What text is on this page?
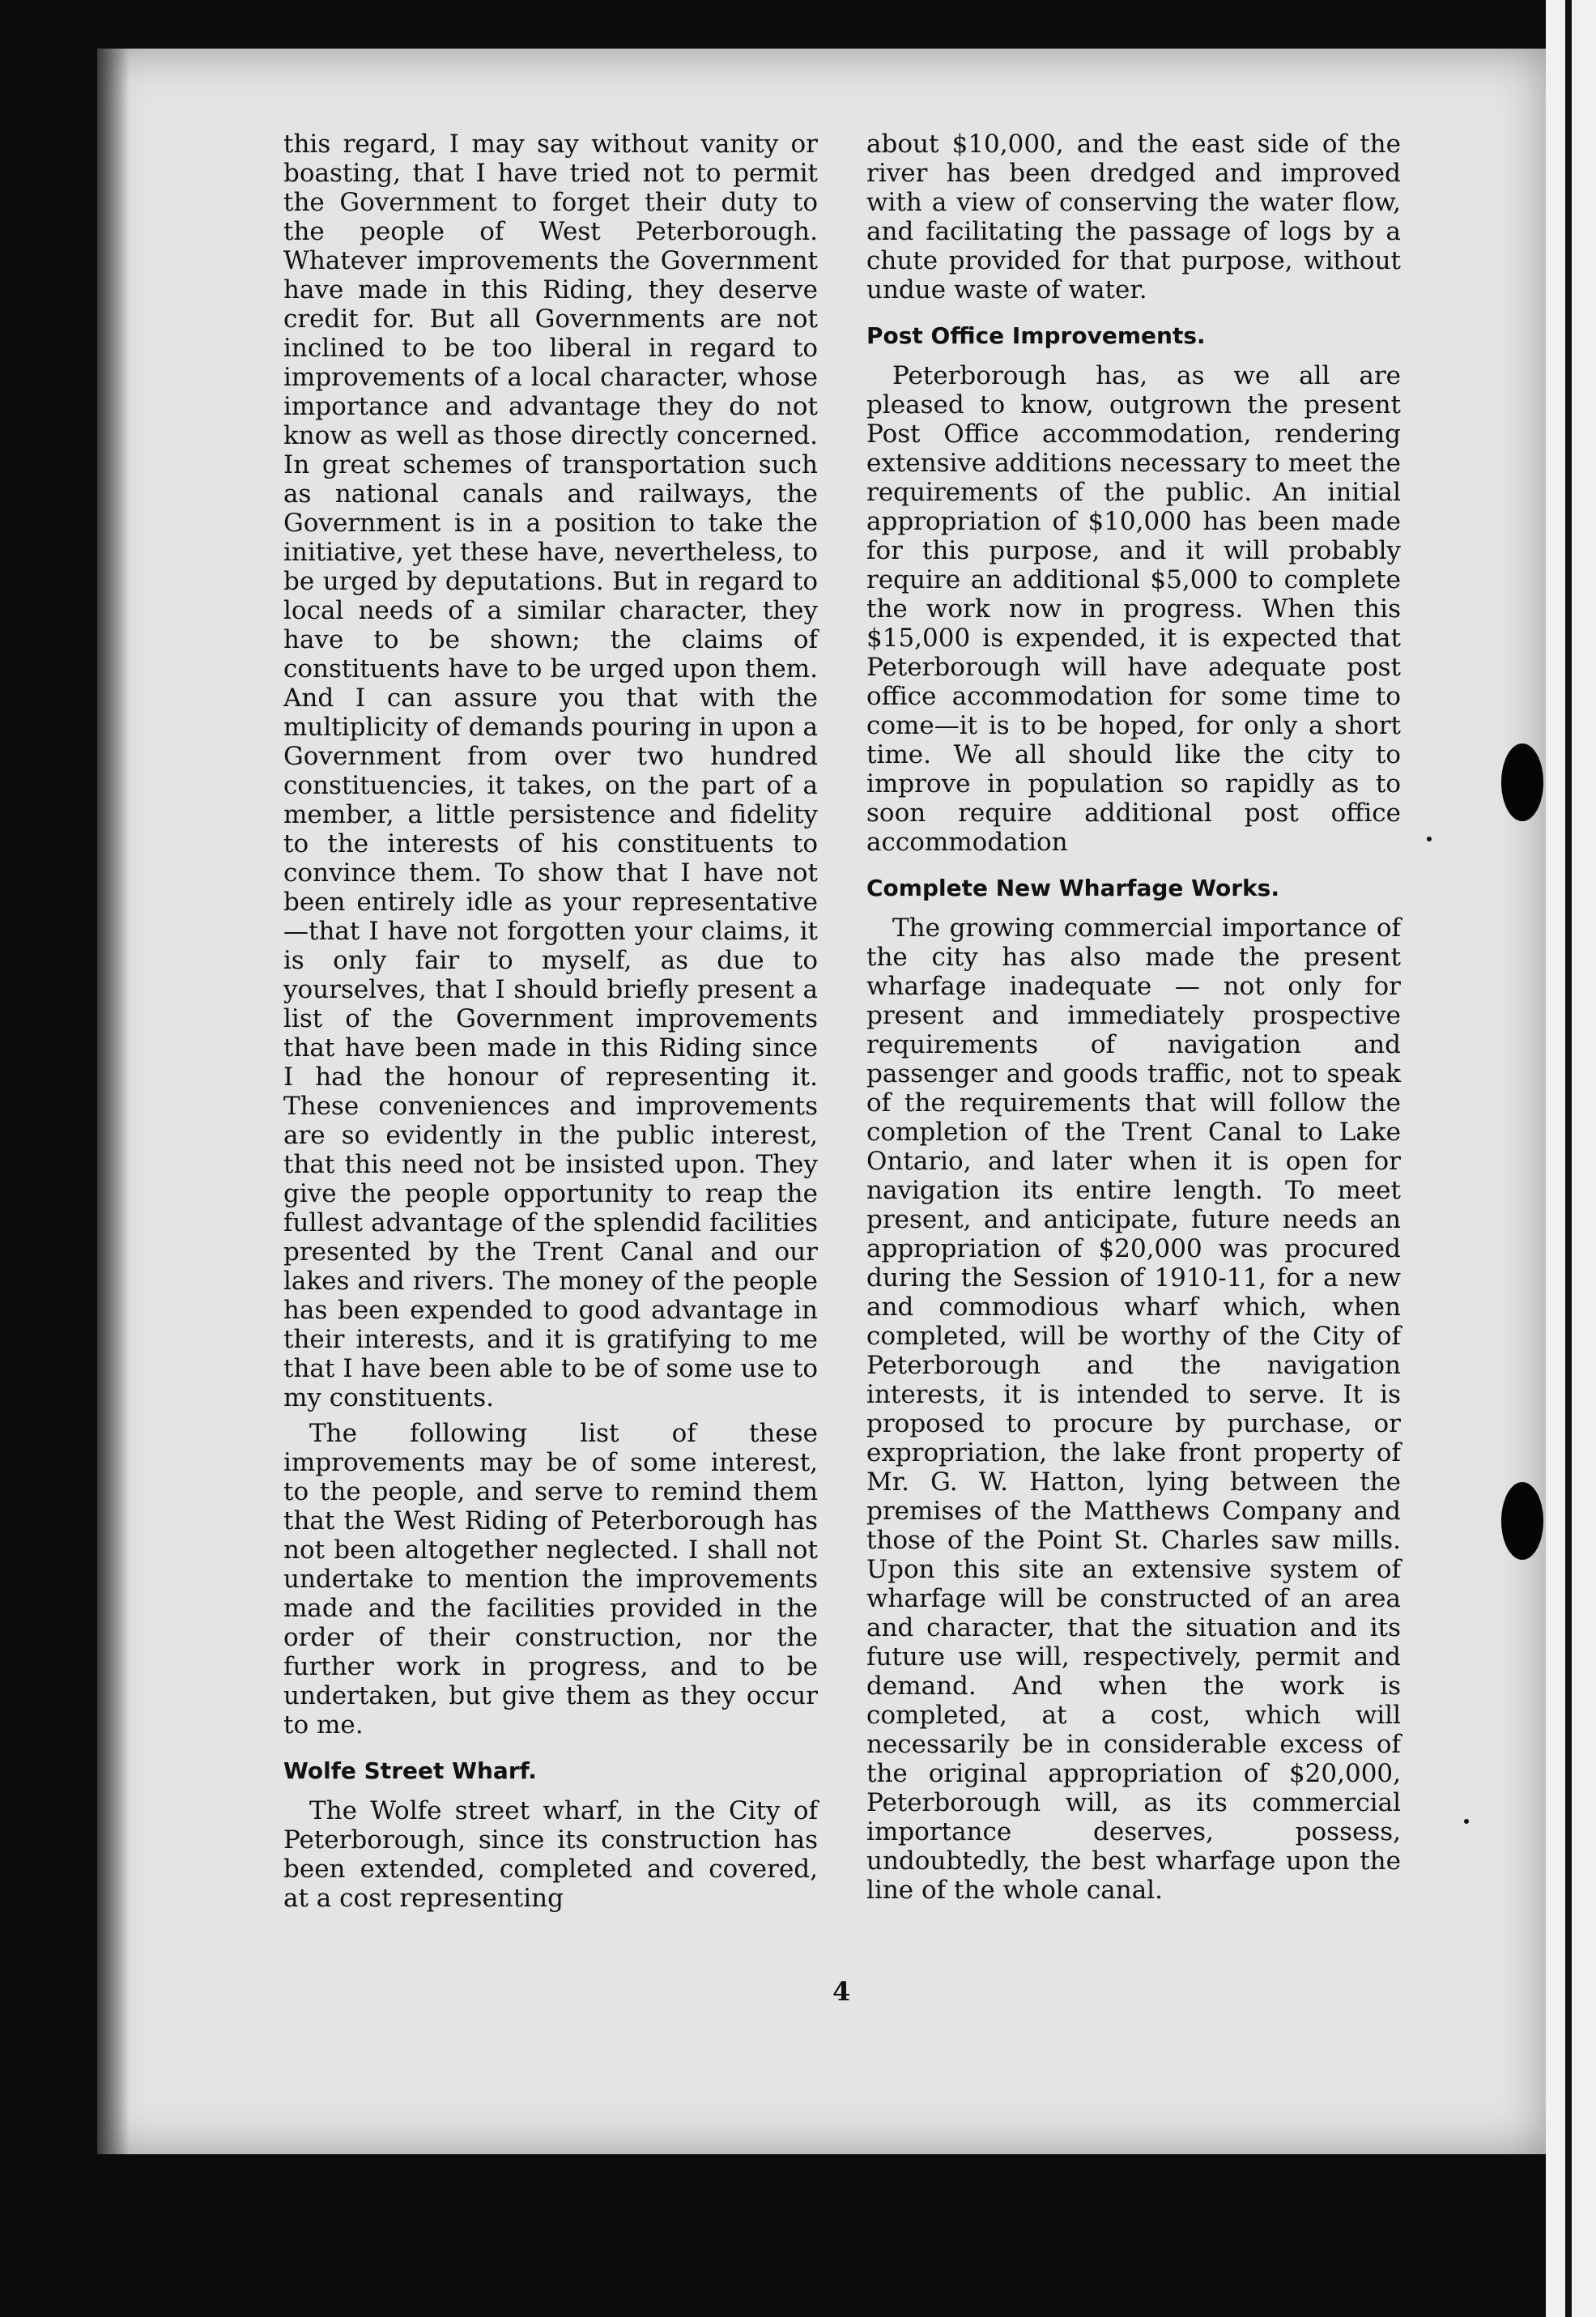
this regard, I may say without vanity or boasting, that I have tried not to permit the Government to forget their duty to the people of West Peterborough. Whatever improvements the Government have made in this Riding, they deserve credit for. But all Governments are not inclined to be too liberal in regard to improvements of a local character, whose importance and advantage they do not know as well as those directly concerned. In great schemes of transportation such as national canals and railways, the Government is in a position to take the initiative, yet these have, nevertheless, to be urged by deputations. But in regard to local needs of a similar character, they have to be shown; the claims of constituents have to be urged upon them. And I can assure you that with the multiplicity of demands pouring in upon a Government from over two hundred constituencies, it takes, on the part of a member, a little persistence and fidelity to the interests of his constituents to convince them. To show that I have not been entirely idle as your representative—that I have not forgotten your claims, it is only fair to myself, as due to yourselves, that I should briefly present a list of the Government improvements that have been made in this Riding since I had the honour of representing it. These conveniences and improvements are so evidently in the public interest, that this need not be insisted upon. They give the people opportunity to reap the fullest advantage of the splendid facilities presented by the Trent Canal and our lakes and rivers. The money of the people has been expended to good advantage in their interests, and it is gratifying to me that I have been able to be of some use to my constituents.

The following list of these improvements may be of some interest, to the people, and serve to remind them that the West Riding of Peterborough has not been altogether neglected. I shall not undertake to mention the improvements made and the facilities provided in the order of their construction, nor the further work in progress, and to be undertaken, but give them as they occur to me.

Wolfe Street Wharf.

The Wolfe street wharf, in the City of Peterborough, since its construction has been extended, completed and covered, at a cost representing

about $10,000, and the east side of the river has been dredged and improved with a view of conserving the water flow, and facilitating the passage of logs by a chute provided for that purpose, without undue waste of water.

Post Office Improvements.

Peterborough has, as we all are pleased to know, outgrown the present Post Office accommodation, rendering extensive additions necessary to meet the requirements of the public. An initial appropriation of $10,000 has been made for this purpose, and it will probably require an additional $5,000 to complete the work now in progress. When this $15,000 is expended, it is expected that Peterborough will have adequate post office accommodation for some time to come—it is to be hoped, for only a short time. We all should like the city to improve in population so rapidly as to soon require additional post office accommodation

Complete New Wharfage Works.

The growing commercial importance of the city has also made the present wharfage inadequate — not only for present and immediately prospective requirements of navigation and passenger and goods traffic, not to speak of the requirements that will follow the completion of the Trent Canal to Lake Ontario, and later when it is open for navigation its entire length. To meet present, and anticipate, future needs an appropriation of $20,000 was procured during the Session of 1910-11, for a new and commodious wharf which, when completed, will be worthy of the City of Peterborough and the navigation interests, it is intended to serve. It is proposed to procure by purchase, or expropriation, the lake front property of Mr. G. W. Hatton, lying between the premises of the Matthews Company and those of the Point St. Charles saw mills. Upon this site an extensive system of wharfage will be constructed of an area and character, that the situation and its future use will, respectively, permit and demand. And when the work is completed, at a cost, which will necessarily be in considerable excess of the original appropriation of $20,000, Peterborough will, as its commercial importance deserves, possess, undoubtedly, the best wharfage upon the line of the whole canal.

4
